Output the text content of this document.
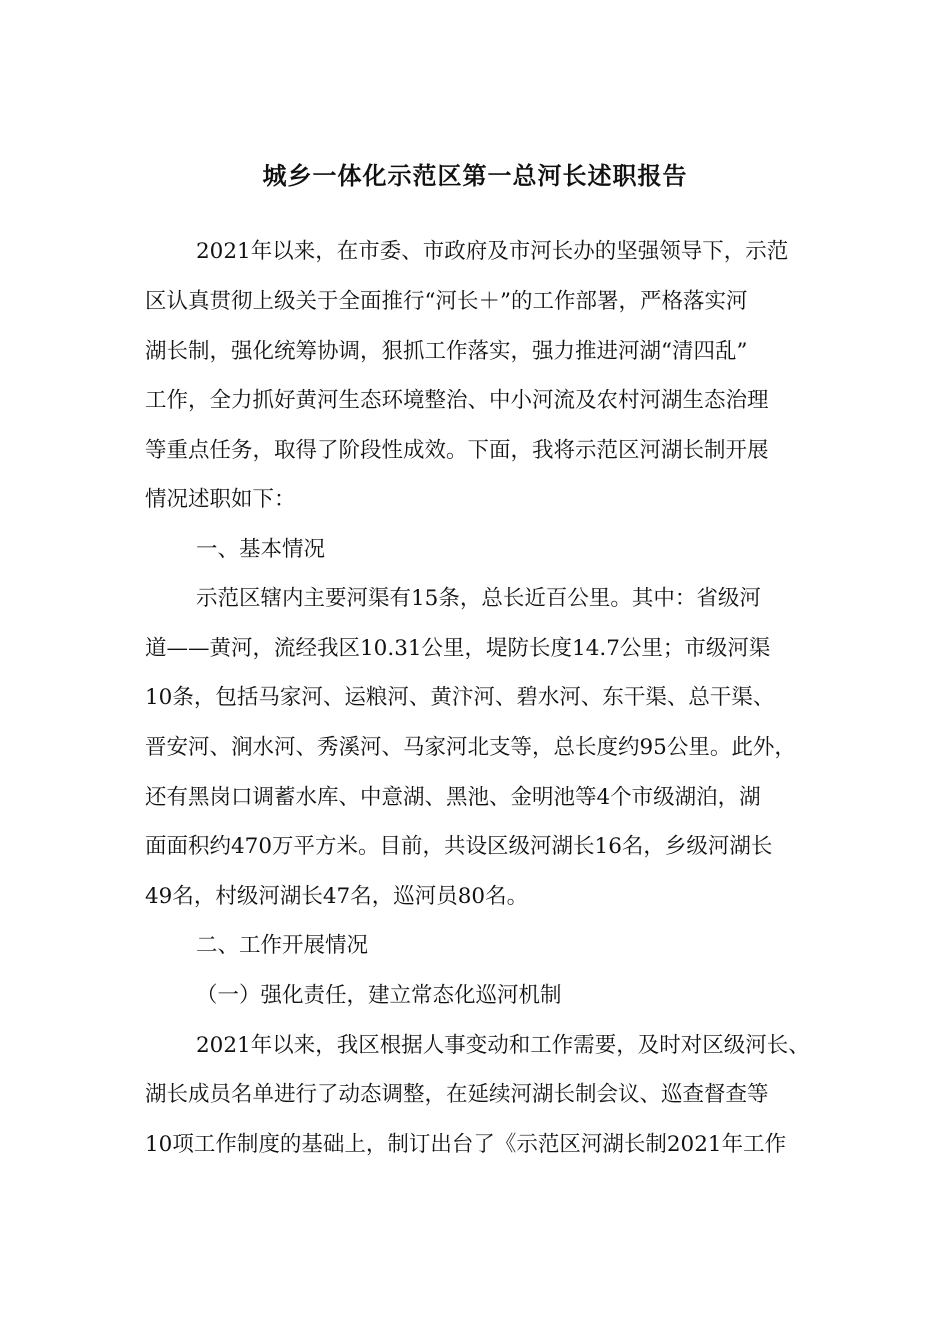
城乡一体化示范区第一总河长述职报告
2021年以来，在市委、市政府及市河长办的坚强领导下，示范
区认真贯彻上级关于全面推行“河长＋”的工作部署，严格落实河
湖长制，强化统筹协调，狠抓工作落实，强力推进河湖“清四乱”
工作，全力抓好黄河生态环境整治、中小河流及农村河湖生态治理
等重点任务，取得了阶段性成效。下面，我将示范区河湖长制开展
情况述职如下：
一、基本情况
示范区辖内主要河渠有15条，总长近百公里。其中：省级河
道——黄河，流经我区10.31公里，堤防长度14.7公里；市级河渠
10条，包括马家河、运粮河、黄汴河、碧水河、东干渠、总干渠、
晋安河、涧水河、秀溪河、马家河北支等，总长度约95公里。此外，
还有黑岗口调蓄水库、中意湖、黑池、金明池等4个市级湖泊，湖
面面积约470万平方米。目前，共设区级河湖长16名，乡级河湖长
49名，村级河湖长47名，巡河员80名。
二、工作开展情况
（一）强化责任，建立常态化巡河机制
2021年以来，我区根据人事变动和工作需要，及时对区级河长、
湖长成员名单进行了动态调整，在延续河湖长制会议、巡查督查等
10项工作制度的基础上，制订出台了《示范区河湖长制2021年工作
